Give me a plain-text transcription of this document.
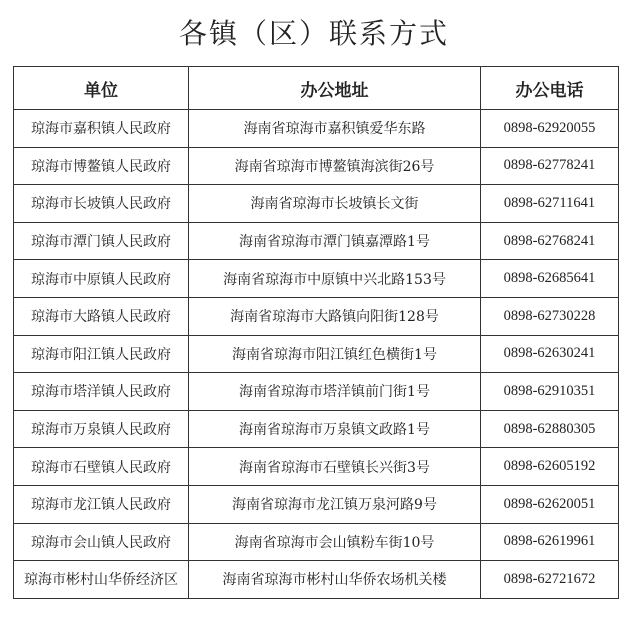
各镇（区）联系方式
单位	办公地址	办公电话
琼海市嘉积镇人民政府	海南省琼海市嘉积镇爱华东路	0898-62920055
琼海市博鳌镇人民政府	海南省琼海市博鳌镇海滨街26号	0898-62778241
琼海市长坡镇人民政府	海南省琼海市长坡镇长文街	0898-62711641
琼海市潭门镇人民政府	海南省琼海市潭门镇嘉潭路1号	0898-62768241
琼海市中原镇人民政府	海南省琼海市中原镇中兴北路153号	0898-62685641
琼海市大路镇人民政府	海南省琼海市大路镇向阳街128号	0898-62730228
琼海市阳江镇人民政府	海南省琼海市阳江镇红色横街1号	0898-62630241
琼海市塔洋镇人民政府	海南省琼海市塔洋镇前门街1号	0898-62910351
琼海市万泉镇人民政府	海南省琼海市万泉镇文政路1号	0898-62880305
琼海市石壁镇人民政府	海南省琼海市石壁镇长兴街3号	0898-62605192
琼海市龙江镇人民政府	海南省琼海市龙江镇万泉河路9号	0898-62620051
琼海市会山镇人民政府	海南省琼海市会山镇粉车街10号	0898-62619961
琼海市彬村山华侨经济区	海南省琼海市彬村山华侨农场机关楼	0898-62721672
